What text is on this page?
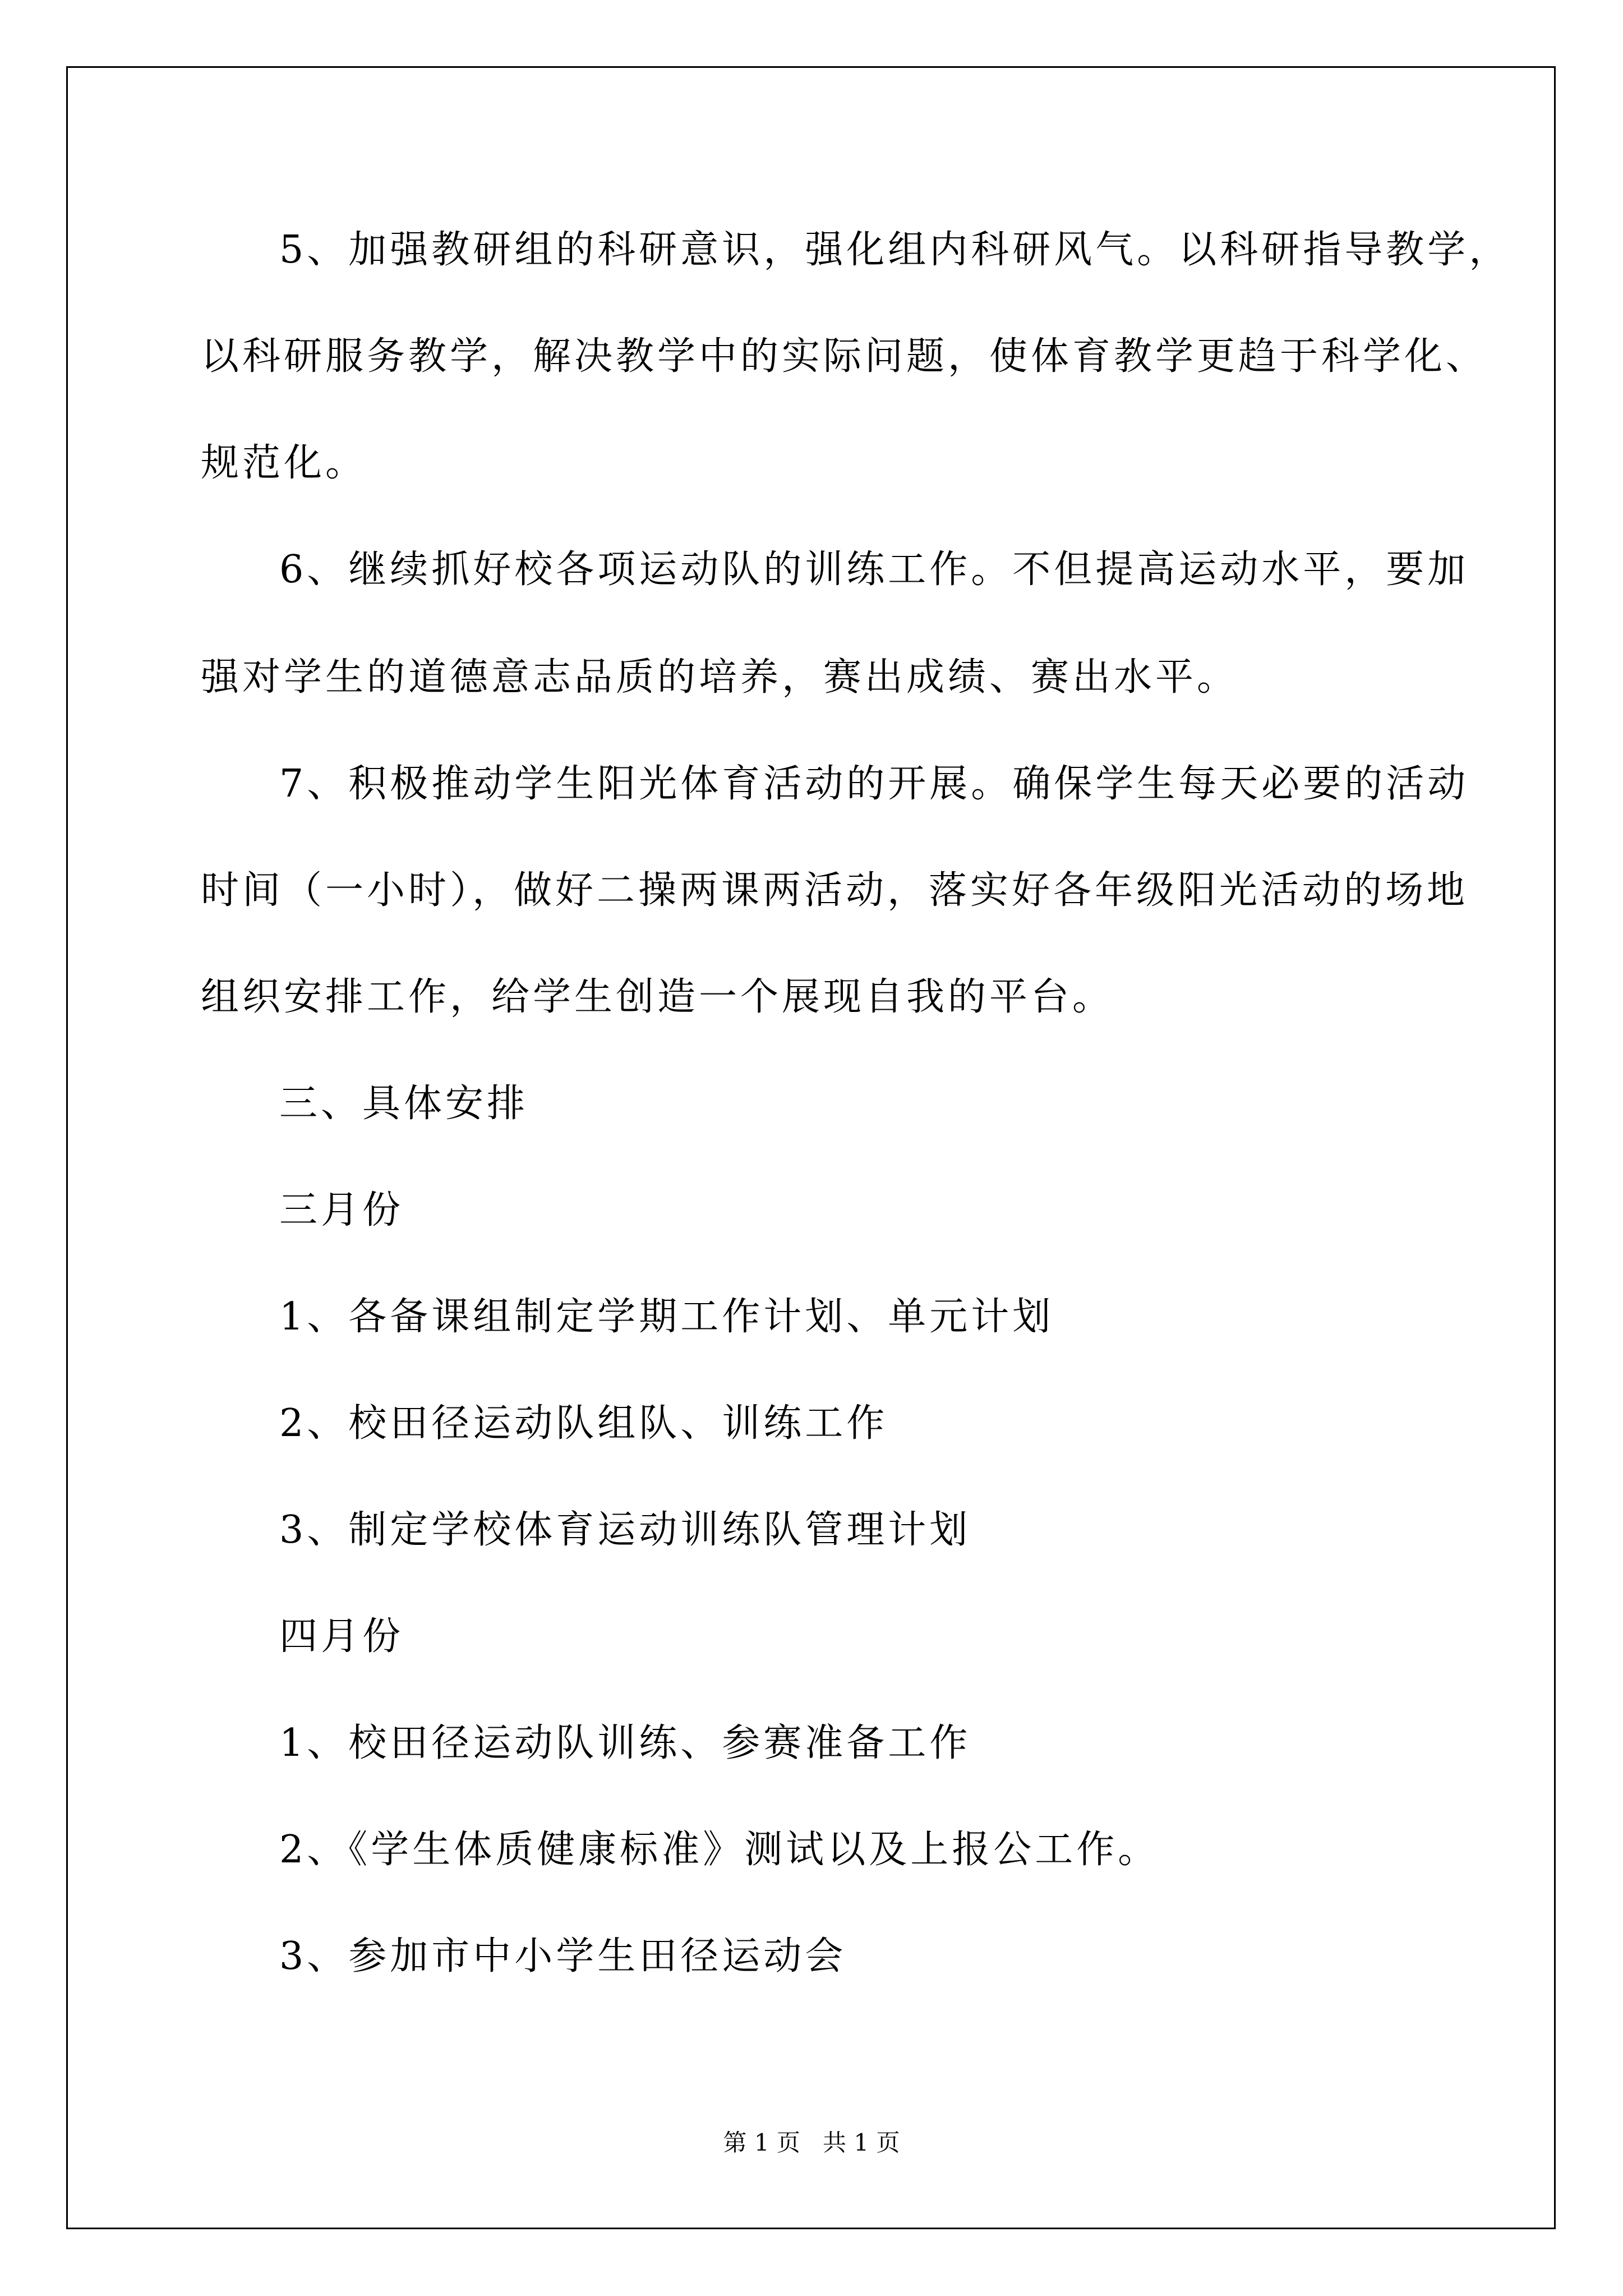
5、加强教研组的科研意识，强化组内科研风气。以科研指导教学，
以科研服务教学，解决教学中的实际问题，使体育教学更趋于科学化、
规范化。
6、继续抓好校各项运动队的训练工作。不但提高运动水平，要加
强对学生的道德意志品质的培养，赛出成绩、赛出水平。
7、积极推动学生阳光体育活动的开展。确保学生每天必要的活动
时间（一小时），做好二操两课两活动，落实好各年级阳光活动的场地
组织安排工作，给学生创造一个展现自我的平台。
三、具体安排
三月份
1、各备课组制定学期工作计划、单元计划
2、校田径运动队组队、训练工作
3、制定学校体育运动训练队管理计划
四月份
1、校田径运动队训练、参赛准备工作
2、《学生体质健康标准》测试以及上报公工作。
3、参加市中小学生田径运动会
第 1 页   共 1 页
